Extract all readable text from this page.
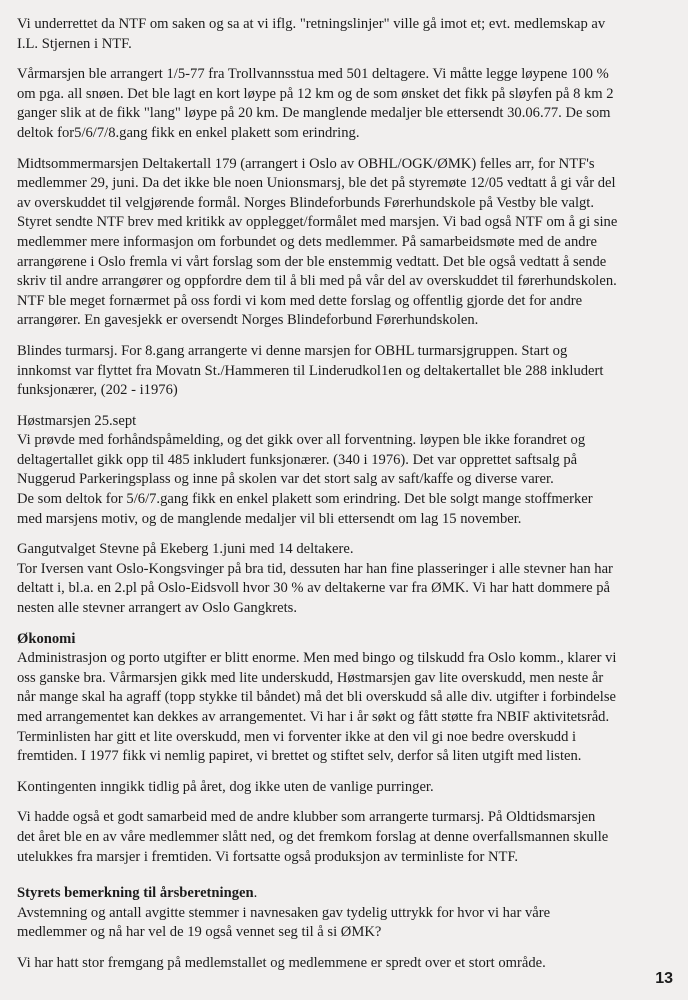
Vi underrettet da NTF om saken og sa at vi iflg. "retningslinjer" ville gå imot et; evt. medlemskap av
I.L. Stjernen i NTF.

Vårmarsjen ble arrangert 1/5-77 fra Trollvannsstua med 501 deltagere. Vi måtte legge løypene 100 %
om pga. all snøen. Det ble lagt en kort løype på 12 km og de som ønsket det fikk på sløyfen på 8 km 2
ganger slik at de fikk "lang" løype på 20 km. De manglende medaljer ble ettersendt 30.06.77. De som
deltok for5/6/7/8.gang fikk en enkel plakett som erindring.

Midtsommermarsjen Deltakertall 179 (arrangert i Oslo av OBHL/OGK/ØMK) felles arr, for NTF's
medlemmer 29, juni. Da det ikke ble noen Unionsmarsj, ble det på styremøte 12/05 vedtatt å gi vår del
av overskuddet til velgjørende formål. Norges Blindeforbunds Førerhundskole på Vestby ble valgt.
Styret sendte NTF brev med kritikk av opplegget/formålet med marsjen. Vi bad også NTF om å gi sine
medlemmer mere informasjon om forbundet og dets medlemmer. På samarbeidsmøte med de andre
arrangørene i Oslo fremla vi vårt forslag som der ble enstemmig vedtatt. Det ble også vedtatt å sende
skriv til andre arrangører og oppfordre dem til å bli med på vår del av overskuddet til førerhundskolen.
NTF ble meget fornærmet på oss fordi vi kom med dette forslag og offentlig gjorde det for andre
arrangører. En gavesjekk er oversendt Norges Blindeforbund Førerhundskolen.

Blindes turmarsj. For 8.gang arrangerte vi denne marsjen for OBHL turmarsjgruppen. Start og
innkomst var flyttet fra Movatn St./Hammeren til Linderudkol1en og deltakertallet ble 288 inkludert
funksjonærer, (202 - i1976)

Høstmarsjen 25.sept
Vi prøvde med forhåndspåmelding, og det gikk over all forventning. løypen ble ikke forandret og
deltagertallet gikk opp til 485 inkludert funksjonærer. (340 i 1976). Det var opprettet saftsalg på
Nuggerud Parkeringsplass og inne på skolen var det stort salg av saft/kaffe og diverse varer.
De som deltok for 5/6/7.gang fikk en enkel plakett som erindring. Det ble solgt mange stoffmerker
med marsjens motiv, og de manglende medaljer vil bli ettersendt om lag 15 november.

Gangutvalget Stevne på Ekeberg 1.juni med 14 deltakere.
Tor Iversen vant Oslo-Kongsvinger på bra tid, dessuten har han fine plasseringer i alle stevner han har
deltatt i, bl.a. en 2.pl på Oslo-Eidsvoll hvor 30 % av deltakerne var fra ØMK. Vi har hatt dommere på
nesten alle stevner arrangert av Oslo Gangkrets.

Økonomi

Administrasjon og porto utgifter er blitt enorme. Men med bingo og tilskudd fra Oslo komm., klarer vi
oss ganske bra. Vårmarsjen gikk med lite underskudd, Høstmarsjen gav lite overskudd, men neste år
når mange skal ha agraff (topp stykke til båndet) må det bli overskudd så alle div. utgifter i forbindelse
med arrangementet kan dekkes av arrangementet. Vi har i år søkt og fått støtte fra NBIF aktivitetsråd.
Terminlisten har gitt et lite overskudd, men vi forventer ikke at den vil gi noe bedre overskudd i
fremtiden. I 1977 fikk vi nemlig papiret, vi brettet og stiftet selv, derfor så liten utgift med listen.

Kontingenten inngikk tidlig på året, dog ikke uten de vanlige purringer.

Vi hadde også et godt samarbeid med de andre klubber som arrangerte turmarsj. På Oldtidsmarsjen
det året ble en av våre medlemmer slått ned, og det fremkom forslag at denne overfallsmannen skulle
utelukkes fra marsjer i fremtiden. Vi fortsatte også produksjon av terminliste for NTF.

Styrets bemerkning til årsberetningen.

Avstemning og antall avgitte stemmer i navnesaken gav tydelig uttrykk for hvor vi har våre
medlemmer og nå har vel de 19 også vennet seg til å si ØMK?

Vi har hatt stor fremgang på medlemstallet og medlemmene er spredt over et stort område.

13
